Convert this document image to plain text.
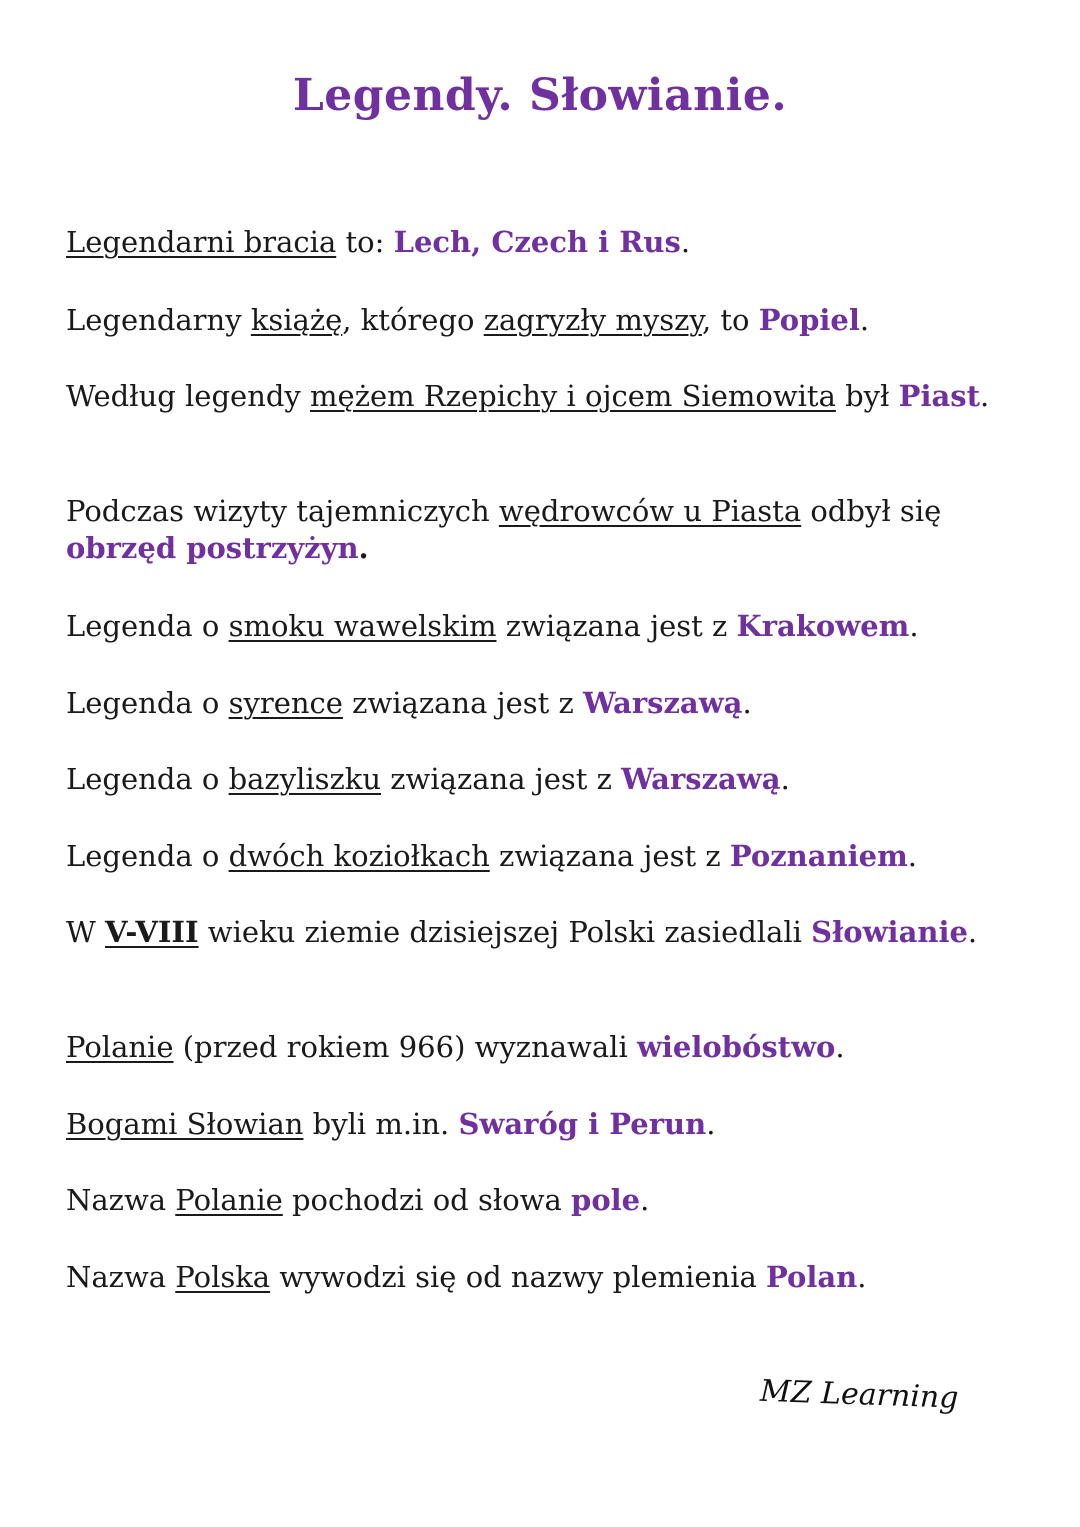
Legendy. Słowianie.

Legendarni bracia to: Lech, Czech i Rus.

Legendarny książę, którego zagryzły myszy, to Popiel.

Według legendy mężem Rzepichy i ojcem Siemowita był Piast.

Podczas wizyty tajemniczych wędrowców u Piasta odbył się obrzęd postrzyżyn.

Legenda o smoku wawelskim związana jest z Krakowem.

Legenda o syrence związana jest z Warszawą.

Legenda o bazyliszku związana jest z Warszawą.

Legenda o dwóch koziołkach związana jest z Poznaniem.

W V-VIII wieku ziemie dzisiejszej Polski zasiedlali Słowianie.

Polanie (przed rokiem 966) wyznawali wielobóstwo.

Bogami Słowian byli m.in. Swaróg i Perun.

Nazwa Polanie pochodzi od słowa pole.

Nazwa Polska wywodzi się od nazwy plemienia Polan.

MZ Learning
